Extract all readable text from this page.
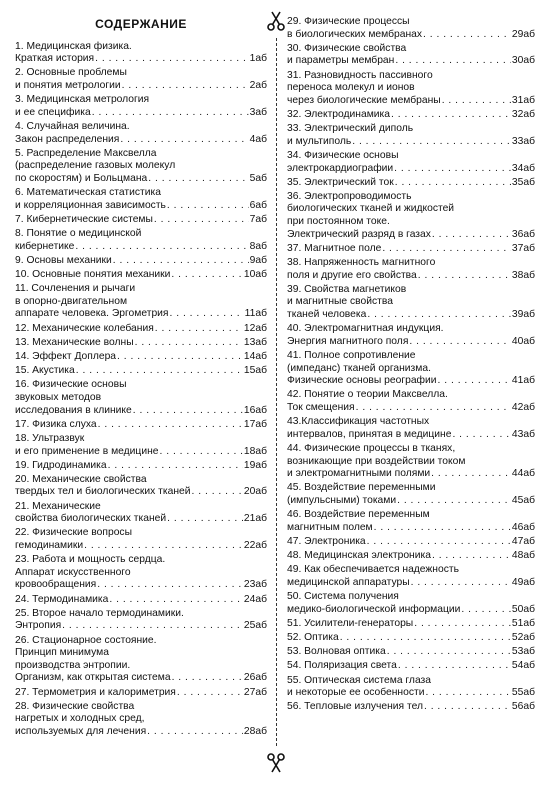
СОДЕРЖАНИЕ
1. Медицинская физика.
Краткая история . . .	1аб
2. Основные проблемы
и понятия метрологии . . .	2аб
3. Медицинская метрология
и ее специфика . . .	3аб
4. Случайная величина.
Закон распределения . . .	4аб
5. Распределение Максвелла
(распределение газовых молекул
по скоростям) и Больцмана . . .	5аб
6. Математическая статистика
и корреляционная зависимость . . .	6аб
7. Кибернетические системы . . .	7аб
8. Понятие о медицинской
кибернетике . . .	8аб
9. Основы механики . . .	9аб
10. Основные понятия механики . . .	10аб
11. Сочленения и рычаги
в опорно-двигательном
аппарате человека. Эргометрия . . .	11аб
12. Механические колебания . . .	12аб
13. Механические волны . . .	13аб
14. Эффект Доплера . . .	14аб
15. Акустика . . .	15аб
16. Физические основы
звуковых методов
исследования в клинике . . .	16аб
17. Физика слуха . . .	17аб
18. Ультразвук
и его применение в медицине . . .	18аб
19. Гидродинамика . . .	19аб
20. Механические свойства
твердых тел и биологических тканей . . .	20аб
21. Механические
свойства биологических тканей . . .	21аб
22. Физические вопросы
гемодинамики . . .	22аб
23. Работа и мощность сердца.
Аппарат искусственного
кровообращения . . .	23аб
24. Термодинамика . . .	24аб
25. Второе начало термодинамики.
Энтропия . . .	25аб
26. Стационарное состояние.
Принцип минимума
производства энтропии.
Организм, как открытая система . . .	26аб
27. Термометрия и калориметрия . . .	27аб
28. Физические свойства
нагретых и холодных сред,
используемых для лечения . . .	28аб
29. Физические процессы
в биологических мембранах . . .	29аб
30. Физические свойства
и параметры мембран . . .	30аб
31. Разновидность пассивного
переноса молекул и ионов
через биологические мембраны . . .	31аб
32. Электродинамика . . .	32аб
33. Электрический диполь
и мультиполь . . .	33аб
34. Физические основы
электрокардиографии . . .	34аб
35. Электрический ток . . .	35аб
36. Электропроводимость
биологических тканей и жидкостей
при постоянном токе.
Электрический разряд в газах . . .	36аб
37. Магнитное поле . . .	37аб
38. Напряженность магнитного
поля и другие его свойства . . .	38аб
39. Свойства магнетиков
и магнитные свойства
тканей человека . . .	39аб
40. Электромагнитная индукция.
Энергия магнитного поля . . .	40аб
41. Полное сопротивление
(импеданс) тканей организма.
Физические основы реографии . . .	41аб
42. Понятие о теории Максвелла.
Ток смещения . . .	42аб
43.Классификация частотных
интервалов, принятая в медицине . . .	43аб
44. Физические процессы в тканях,
возникающие при воздействии током
и электромагнитными полями . . .	44аб
45. Воздействие переменными
(импульсными) токами . . .	45аб
46. Воздействие переменным
магнитным полем . . .	46аб
47. Электроника . . .	47аб
48. Медицинская электроника . . .	48аб
49. Как обеспечивается надежность
медицинской аппаратуры . . .	49аб
50. Система получения
медико-биологической информации . . .	50аб
51. Усилители-генераторы . . .	51аб
52. Оптика . . .	52аб
53. Волновая оптика . . .	53аб
54. Поляризация света . . .	54аб
55. Оптическая система глаза
и некоторые ее особенности . . .	55аб
56. Тепловые излучения тел . . .	56аб
